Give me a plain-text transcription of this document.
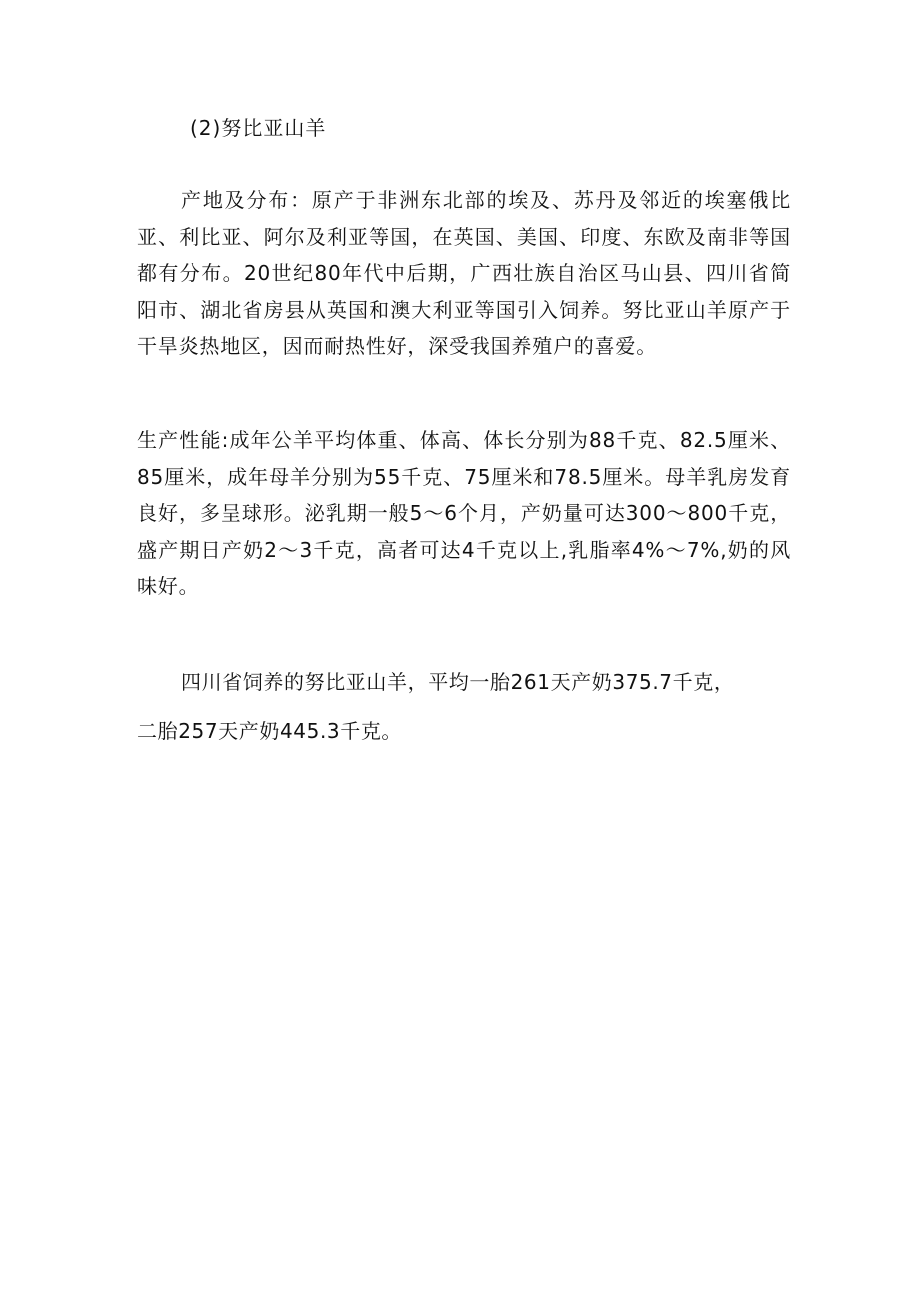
(2)努比亚山羊

产地及分布：原产于非洲东北部的埃及、苏丹及邻近的埃塞俄比亚、利比亚、阿尔及利亚等国，在英国、美国、印度、东欧及南非等国都有分布。20世纪80年代中后期，广西壮族自治区马山县、四川省简阳市、湖北省房县从英国和澳大利亚等国引入饲养。努比亚山羊原产于干旱炎热地区，因而耐热性好，深受我国养殖户的喜爱。

生产性能:成年公羊平均体重、体高、体长分别为88千克、82.5厘米、85厘米，成年母羊分别为55千克、75厘米和78.5厘米。母羊乳房发育良好，多呈球形。泌乳期一般5～6个月，产奶量可达300～800千克，盛产期日产奶2～3千克，高者可达4千克以上,乳脂率4%～7%,奶的风味好。

四川省饲养的努比亚山羊，平均一胎261天产奶375.7千克，
二胎257天产奶445.3千克。
